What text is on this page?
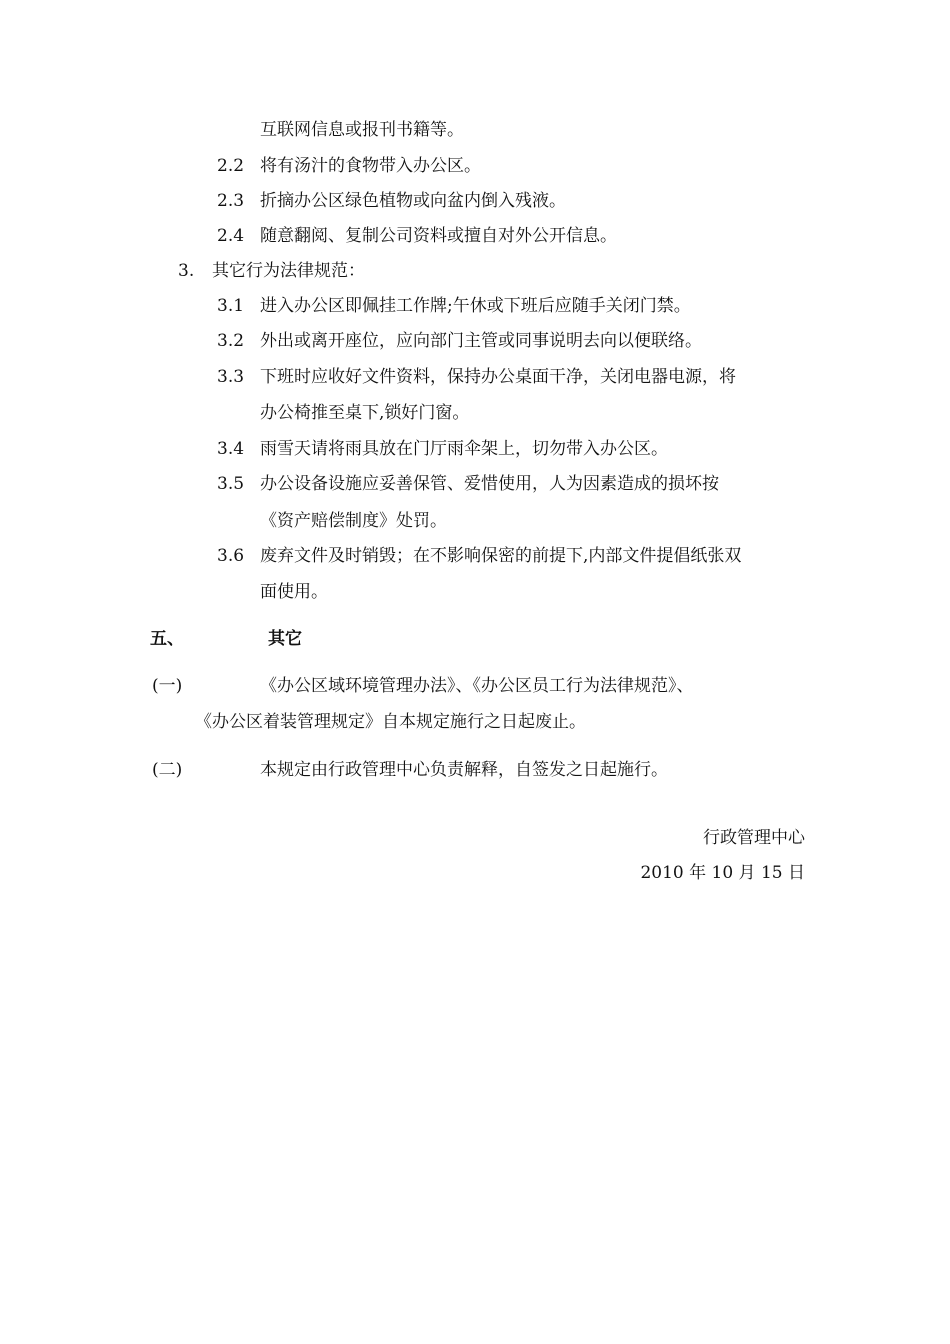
互联网信息或报刊书籍等。
2.2 将有汤汁的食物带入办公区。
2.3 折摘办公区绿色植物或向盆内倒入残液。
2.4 随意翻阅、复制公司资料或擅自对外公开信息。
3. 其它行为法律规范：
3.1 进入办公区即佩挂工作牌;午休或下班后应随手关闭门禁。
3.2 外出或离开座位，应向部门主管或同事说明去向以便联络。
3.3 下班时应收好文件资料，保持办公桌面干净，关闭电器电源，将
办公椅推至桌下,锁好门窗。
3.4 雨雪天请将雨具放在门厅雨伞架上，切勿带入办公区。
3.5 办公设备设施应妥善保管、爱惜使用，人为因素造成的损坏按
《资产赔偿制度》处罚。
3.6 废弃文件及时销毁；在不影响保密的前提下,内部文件提倡纸张双
面使用。
五、	其它
(一)	《办公区域环境管理办法》、《办公区员工行为法律规范》、
《办公区着装管理规定》自本规定施行之日起废止。
(二)	本规定由行政管理中心负责解释，自签发之日起施行。
行政管理中心
2010 年 10 月 15 日
